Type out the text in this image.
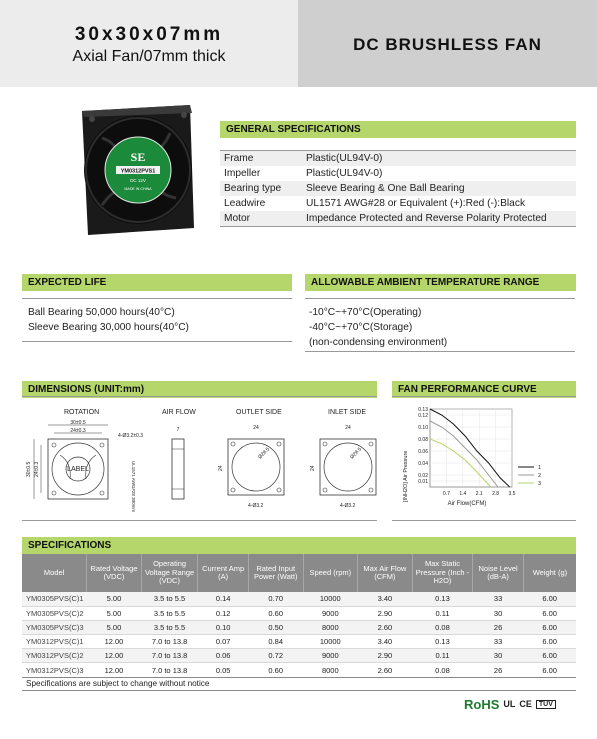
30x30x07mm
Axial Fan/07mm thick
DC BRUSHLESS FAN
SE
YM0312PVS1
DC 12V
MADE IN CHINA
GENERAL SPECIFICATIONS
Frame	Plastic(UL94V-0)
Impeller	Plastic(UL94V-0)
Bearing type	Sleeve Bearing & One Ball Bearing
Leadwire	UL1571 AWG#28 or Equivalent (+):Red (-):Black
Motor	Impedance Protected and Reverse Polarity Protected
EXPECTED LIFE
Ball Bearing 50,000 hours(40°C)
Sleeve Bearing 30,000 hours(40°C)
ALLOWABLE AMBIENT TEMPERATURE RANGE
-10°C~+70°C(Operating)
-40°C~+70°C(Storage)
(non-condensing environment)
DIMENSIONS (UNIT:mm)
ROTATION	AIR FLOW	OUTLET SIDE	INLET SIDE
30±0.5
24±0.3
30±0.5 24±0.3
4-Ø3.2±0.3
LABEL	UL1571 AWG#28 300mm
7	24
24
Ø28.5
4-Ø3.2
24
24
Ø28.5
4-Ø3.2
FAN PERFORMANCE CURVE
0.7 1.4 2.1 2.8 3.5
0.01
0.02
0.04
0.06
0.08
0.10
0.12
0.13
[INH2O] Air Pressure
Air Flow(CFM)
1
2
3
SPECIFICATIONS
Model	Rated Voltage (VDC)	Operating Voltage Range (VDC)	Current Amp (A)	Rated Input Power (Watt)	Speed (rpm)	Max Air Flow (CFM)	Max Static Pressure (Inch -H2O)	Noise Level (dB-A)	Weight (g)
YM0305PVS(C)1	5.00	3.5 to 5.5	0.14	0.70	10000	3.40	0.13	33	6.00
YM0305PVS(C)2	5.00	3.5 to 5.5	0.12	0.60	9000	2.90	0.11	30	6.00
YM0305PVS(C)3	5.00	3.5 to 5.5	0.10	0.50	8000	2.60	0.08	26	6.00
YM0312PVS(C)1	12.00	7.0 to 13.8	0.07	0.84	10000	3.40	0.13	33	6.00
YM0312PVS(C)2	12.00	7.0 to 13.8	0.06	0.72	9000	2.90	0.11	30	6.00
YM0312PVS(C)3	12.00	7.0 to 13.8	0.05	0.60	8000	2.60	0.08	26	6.00
Specifications are subject to change without notice
RoHS UL CE	TUV
